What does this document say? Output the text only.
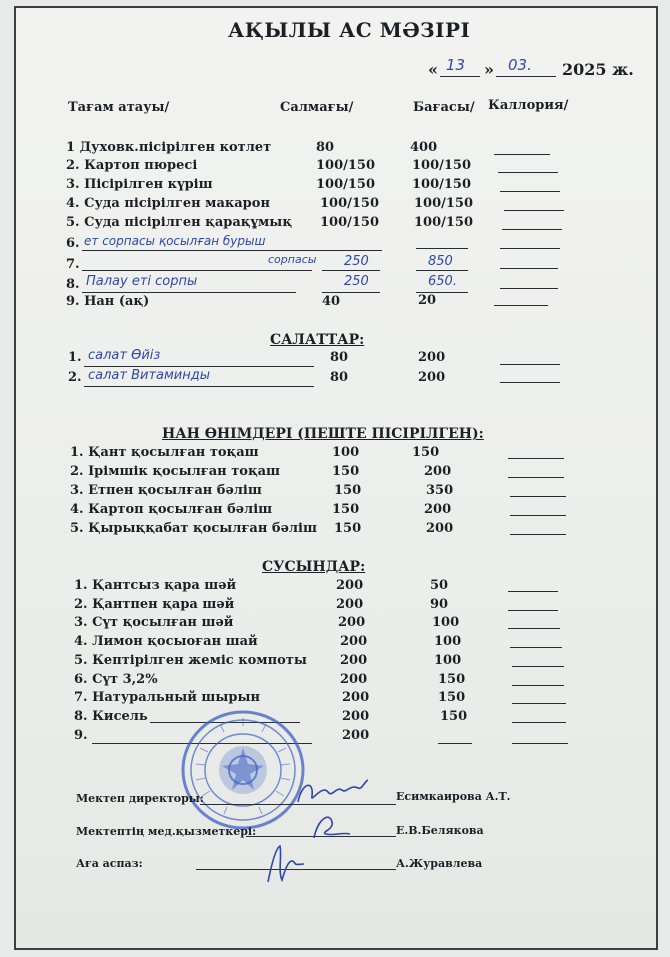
АҚЫЛЫ АС МӘЗІРІ
« 13 » 03. 2025 ж.
Тағам атауы/	Салмағы/	Бағасы/ Каллория/
1 Духовк.пісірілген котлет	80	400
2. Картоп пюресі	100/150	100/150
3. Пісірілген күріш	100/150	100/150
4. Суда пісірілген макарон	100/150	100/150
5. Суда пісірілген қарақұмық 100/150	100/150
6. ет сорпасы қосылған бурыш
7.	сорпасы 250	850
8. Палау еті сорпы	250	650.
9. Нан (ақ)	40	20
САЛАТТАР:
1. салат Өйіз	80	200
2. салат Витаминды	80	200
НАН ӨНІМДЕРІ (ПЕШТЕ ПІСІРІЛГЕН):
1. Қант қосылған тоқаш	100	150
2. Ірімшік қосылған тоқаш	150	200
3. Етпен қосылған бәліш	150	350
4. Картоп қосылған бәліш	150	200
5. Қырыққабат қосылған бәліш 150	200
СУСЫНДАР:
1. Қантсыз қара шәй	200	50
2. Қантпен қара шәй	200	90
3. Сүт қосылған шәй	200	100
4. Лимон қосыоған шай	200	100
5. Кептірілген жеміс компоты	200	100
6. Сүт 3,2%	200	150
7. Натуральный шырын	200	150
8. Кисель	200	150
9.	200
Мектеп директоры:	Есимкаирова А.Т.
Мектептің мед.қызметкері:	Е.В.Белякова
Аға аспаз:	А.Журавлева
